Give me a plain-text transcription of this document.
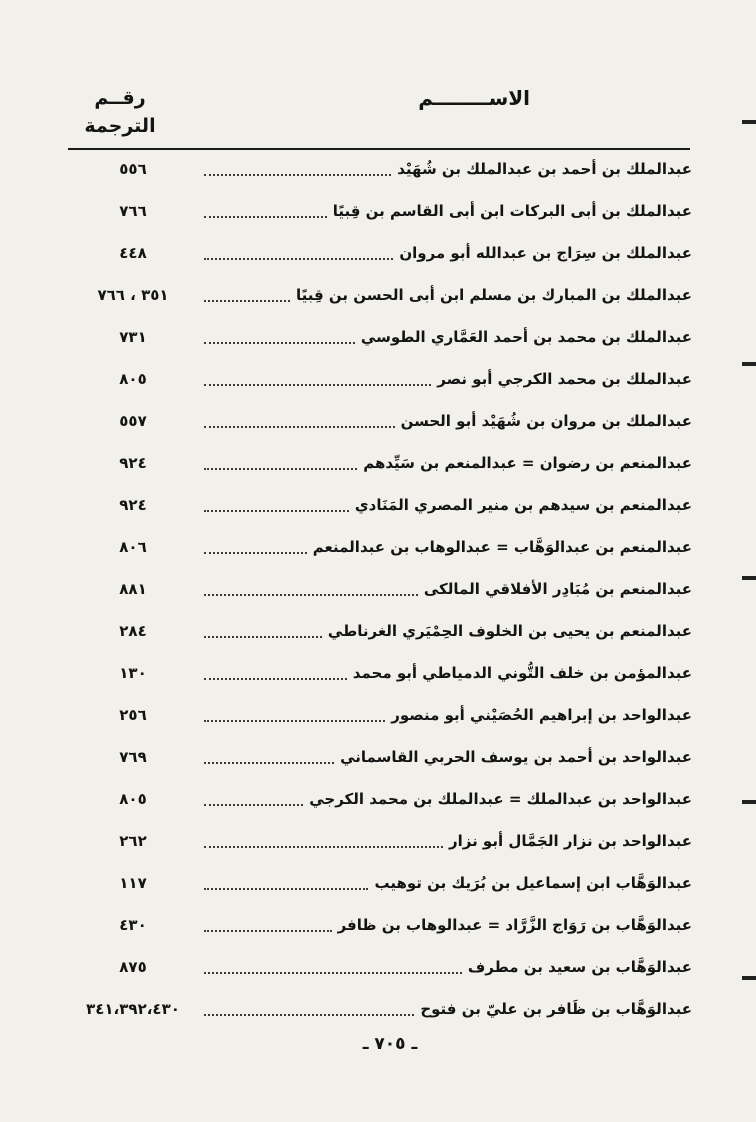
رقــم
الترجمة
الاســــــــم
٥٥٦	عبدالملك بن أحمد بن عبدالملك بن شُهَيْد
٧٦٦	عبدالملك بن أبى البركات ابن أبى القاسم بن قِبيًا
٤٤٨	عبدالملك بن سِرَاج بن عبدالله أبو مروان
٣٥١ ، ٧٦٦	عبدالملك بن المبارك بن مسلم ابن أبى الحسن بن قِبيًا
٧٣١	عبدالملك بن محمد بن أحمد العَمَّاري الطوسي
٨٠٥	عبدالملك بن محمد الكرجي أبو نصر
٥٥٧	عبدالملك بن مروان بن شُهَيْد أبو الحسن
٩٢٤	عبدالمنعم بن رضوان = عبدالمنعم بن سَيِّدهم
٩٢٤	عبدالمنعم بن سيدهم بن منير المصري المَنَادي
٨٠٦	عبدالمنعم بن عبدالوَهَّاب = عبدالوهاب بن عبدالمنعم
٨٨١	عبدالمنعم بن مُبَادِر الأفلاقي المالكى
٢٨٤	عبدالمنعم بن يحيى بن الخلوف الحِمْيَري الغرناطي
١٣٠	عبدالمؤمن بن خلف التُّوني الدمياطي أبو محمد
٢٥٦	عبدالواحد بن إبراهيم الحُصَيْني أبو منصور
٧٦٩	عبدالواحد بن أحمد بن يوسف الحربي القاسماني
٨٠٥	عبدالواحد بن عبدالملك = عبدالملك بن محمد الكرجي
٢٦٢	عبدالواحد بن نزار الجَمَّال أبو نزار
١١٧	عبدالوَهَّاب ابن إسماعيل بن بُرَيك بن توهيب
٤٣٠	عبدالوَهَّاب بن رَوَاج الزَّرَّاد = عبدالوهاب بن ظافر
٨٧٥	عبدالوَهَّاب بن سعيد بن مطرف
٣٤١،٣٩٢،٤٣٠	عبدالوَهَّاب بن ظَافر بن عليّ بن فتوح
ـ ٧٠٥ ـ
